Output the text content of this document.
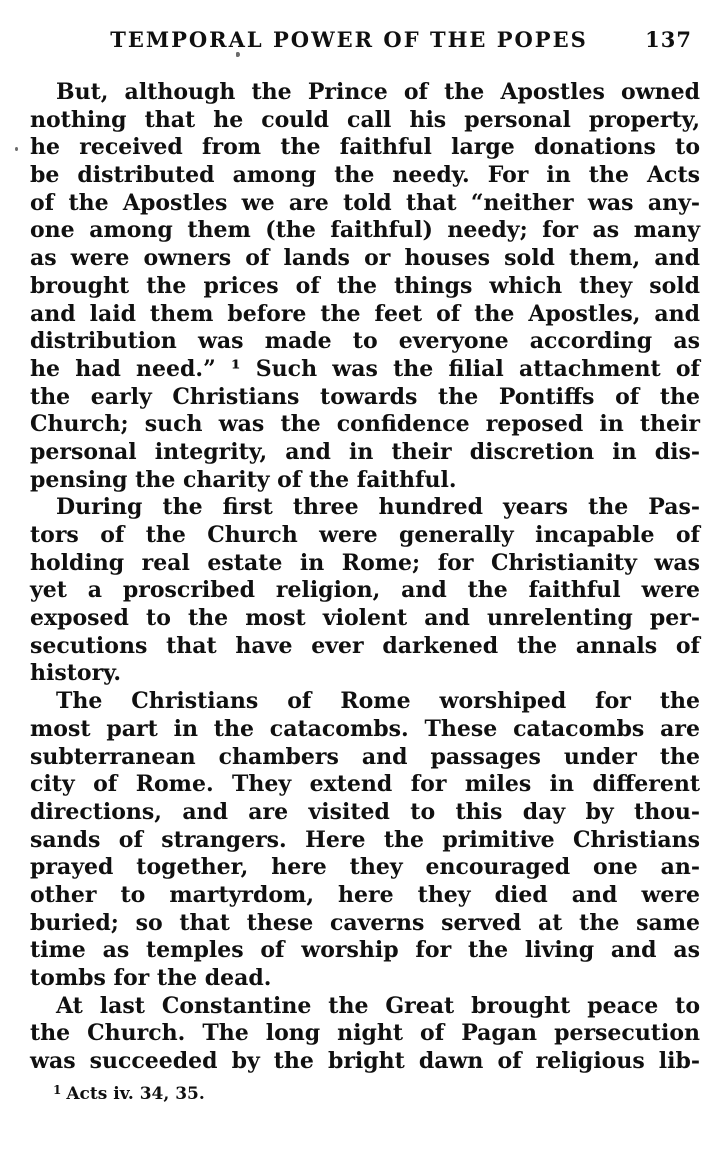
TEMPORAL POWER OF THE POPES	137
But, although the Prince of the Apostles owned
nothing that he could call his personal property,
he received from the faithful large donations to
be distributed among the needy. For in the Acts
of the Apostles we are told that “neither was any-
one among them (the faithful) needy; for as many
as were owners of lands or houses sold them, and
brought the prices of the things which they sold
and laid them before the feet of the Apostles, and
distribution was made to everyone according as
he had need.” ¹ Such was the filial attachment of
the early Christians towards the Pontiffs of the
Church; such was the confidence reposed in their
personal integrity, and in their discretion in dis-
pensing the charity of the faithful.
During the first three hundred years the Pas-
tors of the Church were generally incapable of
holding real estate in Rome; for Christianity was
yet a proscribed religion, and the faithful were
exposed to the most violent and unrelenting per-
secutions that have ever darkened the annals of
history.
The Christians of Rome worshiped for the
most part in the catacombs. These catacombs are
subterranean chambers and passages under the
city of Rome. They extend for miles in different
directions, and are visited to this day by thou-
sands of strangers. Here the primitive Christians
prayed together, here they encouraged one an-
other to martyrdom, here they died and were
buried; so that these caverns served at the same
time as temples of worship for the living and as
tombs for the dead.
At last Constantine the Great brought peace to
the Church. The long night of Pagan persecution
was succeeded by the bright dawn of religious lib-
$^1$ Acts iv. 34, 35.
